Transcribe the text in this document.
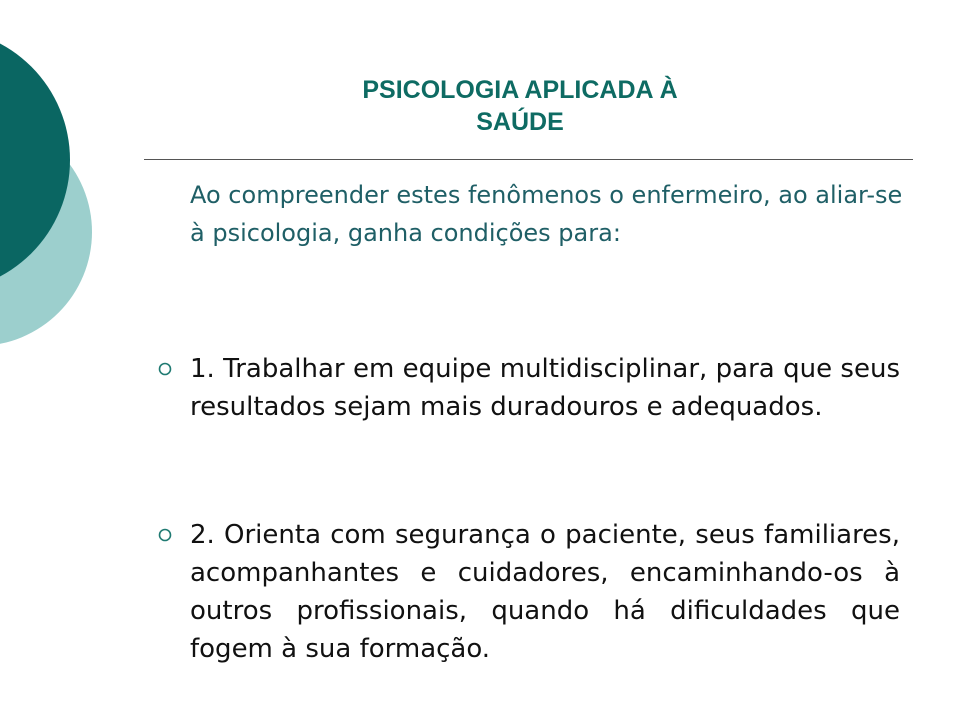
PSICOLOGIA APLICADA À
SAÚDE
Ao compreender estes fenômenos o enfermeiro, ao aliar-se à psicologia, ganha condições para:
1. Trabalhar em equipe multidisciplinar, para que seus resultados sejam mais duradouros e adequados.
2. Orienta com segurança o paciente, seus familiares, acompanhantes e cuidadores, encaminhando-os à outros profissionais, quando há dificuldades que fogem à sua formação.
